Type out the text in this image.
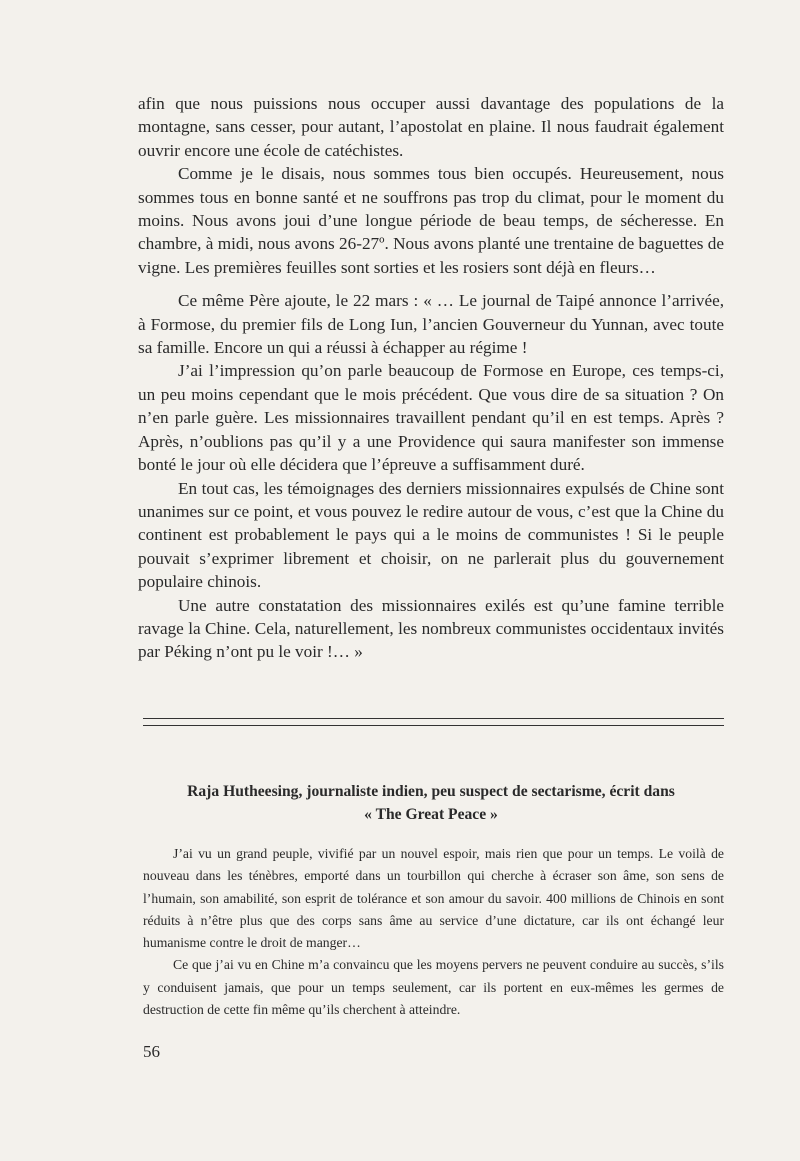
afin que nous puissions nous occuper aussi davantage des populations de la montagne, sans cesser, pour autant, l’apostolat en plaine. Il nous faudrait également ouvrir encore une école de catéchistes.

Comme je le disais, nous sommes tous bien occupés. Heureusement, nous sommes tous en bonne santé et ne souffrons pas trop du climat, pour le moment du moins. Nous avons joui d’une longue période de beau temps, de sécheresse. En chambre, à midi, nous avons 26-27º. Nous avons planté une trentaine de baguettes de vigne. Les premières feuilles sont sorties et les rosiers sont déjà en fleurs…

Ce même Père ajoute, le 22 mars : « … Le journal de Taipé annonce l’arrivée, à Formose, du premier fils de Long Iun, l’ancien Gouverneur du Yunnan, avec toute sa famille. Encore un qui a réussi à échapper au régime !

J’ai l’impression qu’on parle beaucoup de Formose en Europe, ces temps-ci, un peu moins cependant que le mois précédent. Que vous dire de sa situation ? On n’en parle guère. Les missionnaires travaillent pendant qu’il en est temps. Après ? Après, n’oublions pas qu’il y a une Providence qui saura manifester son immense bonté le jour où elle décidera que l’épreuve a suffisamment duré.

En tout cas, les témoignages des derniers missionnaires expulsés de Chine sont unanimes sur ce point, et vous pouvez le redire autour de vous, c’est que la Chine du continent est probablement le pays qui a le moins de communistes ! Si le peuple pouvait s’exprimer librement et choisir, on ne parlerait plus du gouvernement populaire chinois.

Une autre constatation des missionnaires exilés est qu’une famine terrible ravage la Chine. Cela, naturellement, les nombreux communistes occidentaux invités par Péking n’ont pu le voir !… »

Raja Hutheesing, journaliste indien, peu suspect de sectarisme, écrit dans
« The Great Peace »

J’ai vu un grand peuple, vivifié par un nouvel espoir, mais rien que pour un temps. Le voilà de nouveau dans les ténèbres, emporté dans un tourbillon qui cherche à écraser son âme, son sens de l’humain, son amabilité, son esprit de tolérance et son amour du savoir. 400 millions de Chinois en sont réduits à n’être plus que des corps sans âme au service d’une dictature, car ils ont échangé leur humanisme contre le droit de manger…

Ce que j’ai vu en Chine m’a convaincu que les moyens pervers ne peuvent conduire au succès, s’ils y conduisent jamais, que pour un temps seulement, car ils portent en eux-mêmes les germes de destruction de cette fin même qu’ils cherchent à atteindre.

56
